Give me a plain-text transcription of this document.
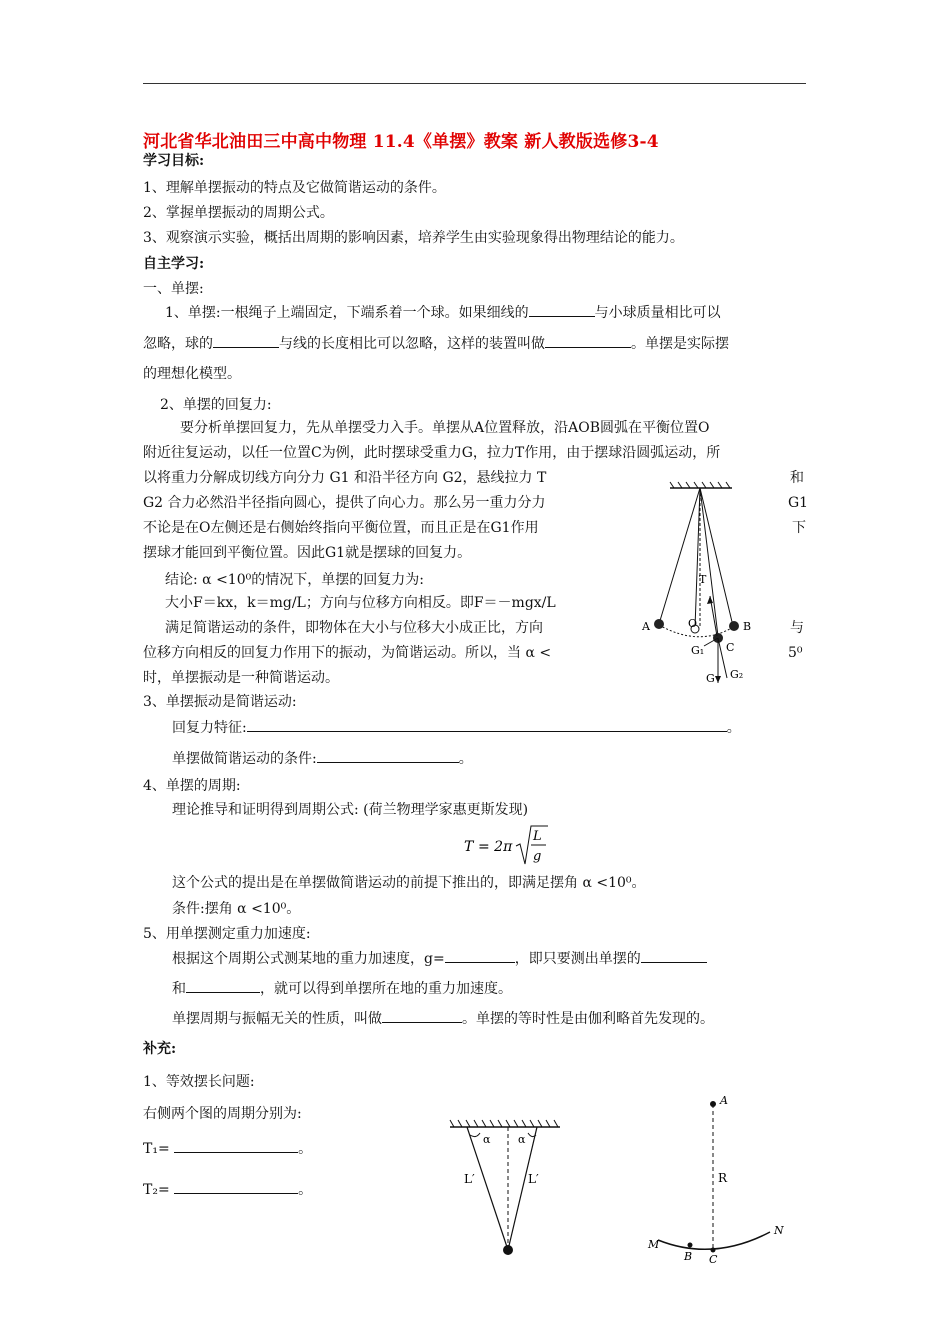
河北省华北油田三中高中物理 11.4《单摆》教案 新人教版选修3-4
学习目标:
1、理解单摆振动的特点及它做简谐运动的条件。
2、掌握单摆振动的周期公式。
3、观察演示实验，概括出周期的影响因素，培养学生由实验现象得出物理结论的能力。
自主学习:
一、单摆:
1、单摆:一根绳子上端固定，下端系着一个球。如果细线的	与小球质量相比可以
忽略，球的	与线的长度相比可以忽略，这样的装置叫做	。单摆是实际摆
的理想化模型。
2、单摆的回复力:
要分析单摆回复力，先从单摆受力入手。单摆从A位置释放，沿AOB圆弧在平衡位置O
附近往复运动，以任一位置C为例，此时摆球受重力G，拉力T作用，由于摆球沿圆弧运动，所
以将重力分解成切线方向分力 G1 和沿半径方向 G2，悬线拉力 T
G2 合力必然沿半径指向圆心，提供了向心力。那么另一重力分力
不论是在O左侧还是右侧始终指向平衡位置，而且正是在G1作用
摆球才能回到平衡位置。因此G1就是摆球的回复力。
结论: α <10⁰的情况下，单摆的回复力为:
大小F＝kx，k＝mg/L；方向与位移方向相反。即F＝－mgx/L
满足简谐运动的条件，即物体在大小与位移大小成正比，方向
位移方向相反的回复力作用下的振动，为简谐运动。所以，当 α <
时，单摆振动是一种简谐运动。
和
G1
下
与
5⁰
T
A	O	B
C
G₁
G G₂
3、单摆振动是简谐运动:
回复力特征:	。
单摆做简谐运动的条件:	。
4、单摆的周期:
理论推导和证明得到周期公式: (荷兰物理学家惠更斯发现)
T = 2π
L
g
这个公式的提出是在单摆做简谐运动的前提下推出的，即满足摆角 α <10⁰。
条件:摆角 α <10⁰。
5、用单摆测定重力加速度:
根据这个周期公式测某地的重力加速度，g=	，即只要测出单摆的
和	，就可以得到单摆所在地的重力加速度。
单摆周期与振幅无关的性质，叫做	。单摆的等时性是由伽利略首先发现的。
补充:
1、等效摆长问题:
右侧两个图的周期分别为:
T₁=	。
T₂=	。
α	α
L′	L′
A
R
M
B C
N
